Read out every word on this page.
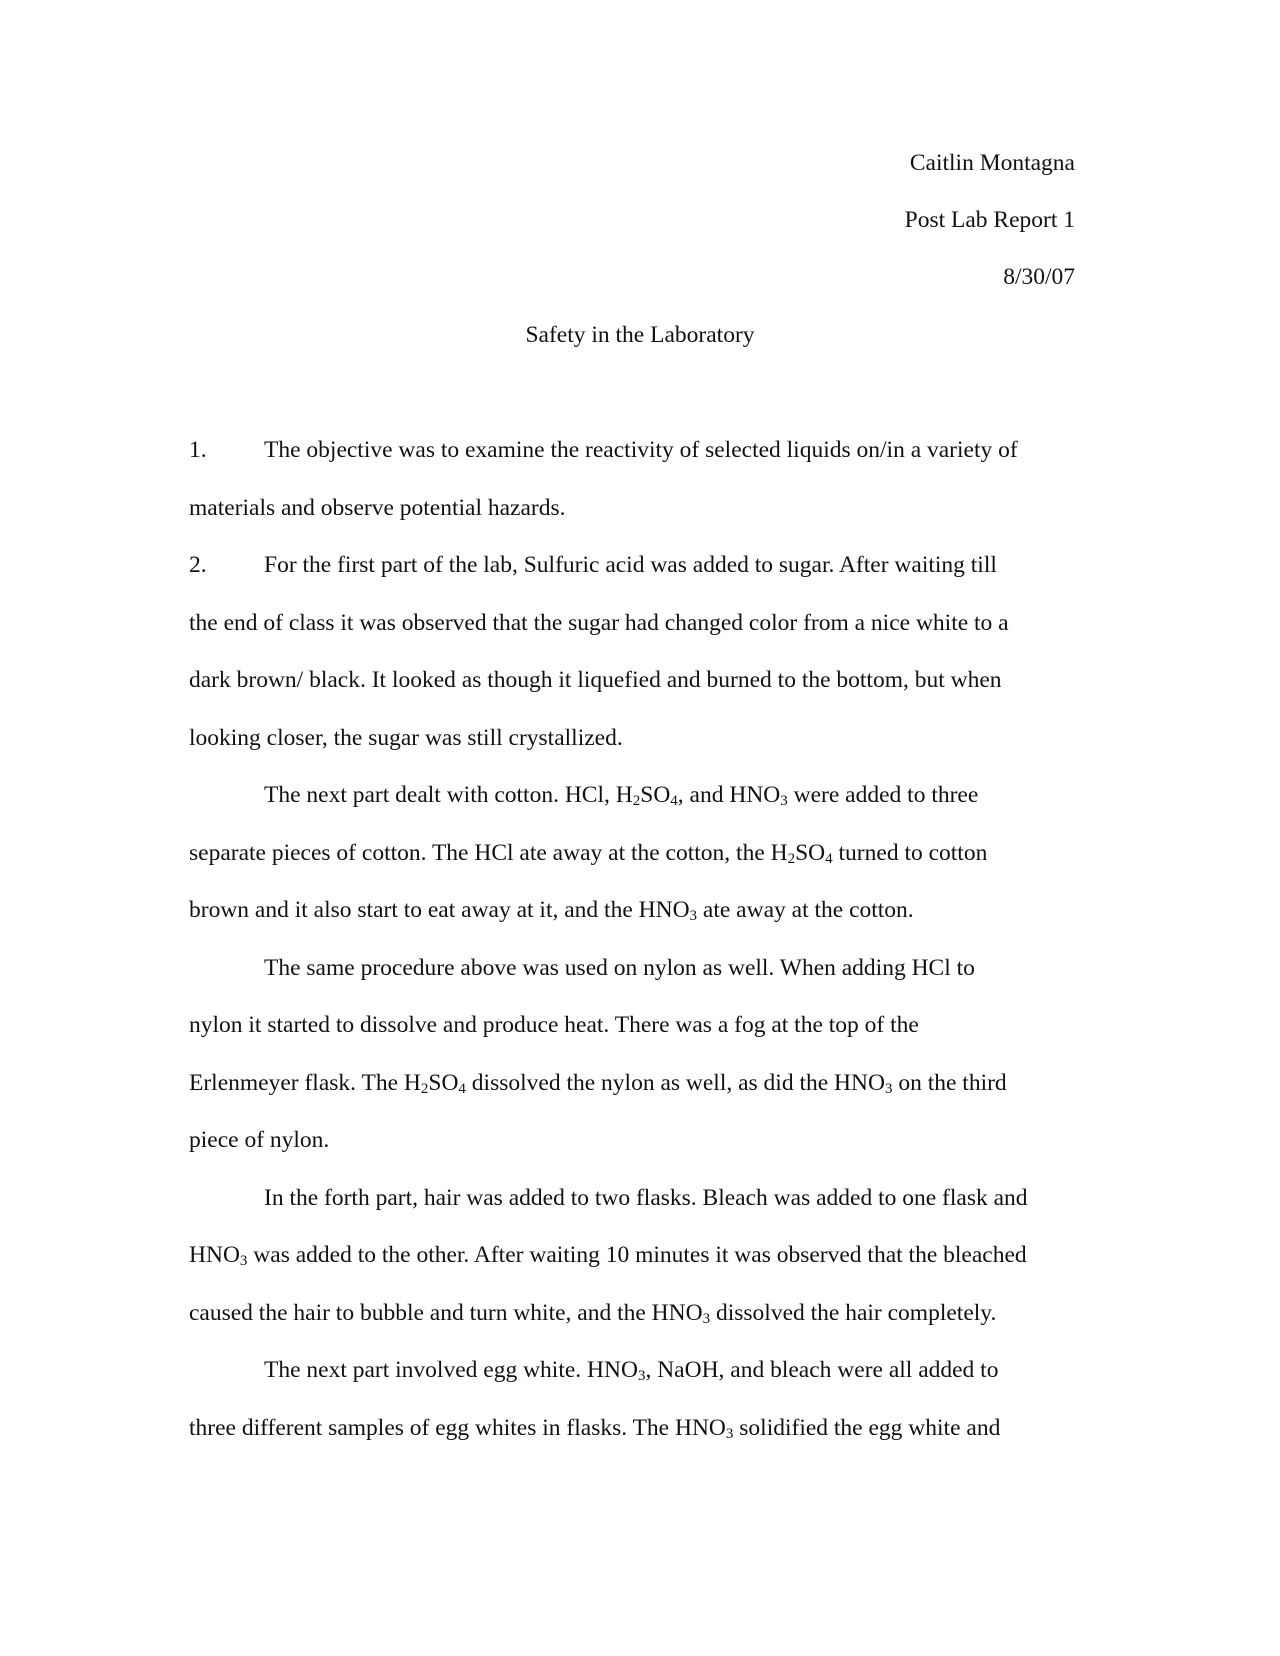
Caitlin Montagna
Post Lab Report 1
8/30/07
Safety in the Laboratory
1. The objective was to examine the reactivity of selected liquids on/in a variety of
materials and observe potential hazards.
2. For the first part of the lab, Sulfuric acid was added to sugar. After waiting till
the end of class it was observed that the sugar had changed color from a nice white to a
dark brown/ black. It looked as though it liquefied and burned to the bottom, but when
looking closer, the sugar was still crystallized.
The next part dealt with cotton. HCl, $H_2SO_4$, and $HNO_3$ were added to three
separate pieces of cotton. The HCl ate away at the cotton, the $H_2SO_4$ turned to cotton
brown and it also start to eat away at it, and the $HNO_3$ ate away at the cotton.
The same procedure above was used on nylon as well. When adding HCl to
nylon it started to dissolve and produce heat. There was a fog at the top of the
Erlenmeyer flask. The $H_2SO_4$ dissolved the nylon as well, as did the $HNO_3$ on the third
piece of nylon.
In the forth part, hair was added to two flasks. Bleach was added to one flask and
$HNO_3$ was added to the other. After waiting 10 minutes it was observed that the bleached
caused the hair to bubble and turn white, and the $HNO_3$ dissolved the hair completely.
The next part involved egg white. $HNO_3$, NaOH, and bleach were all added to
three different samples of egg whites in flasks. The $HNO_3$ solidified the egg white and
